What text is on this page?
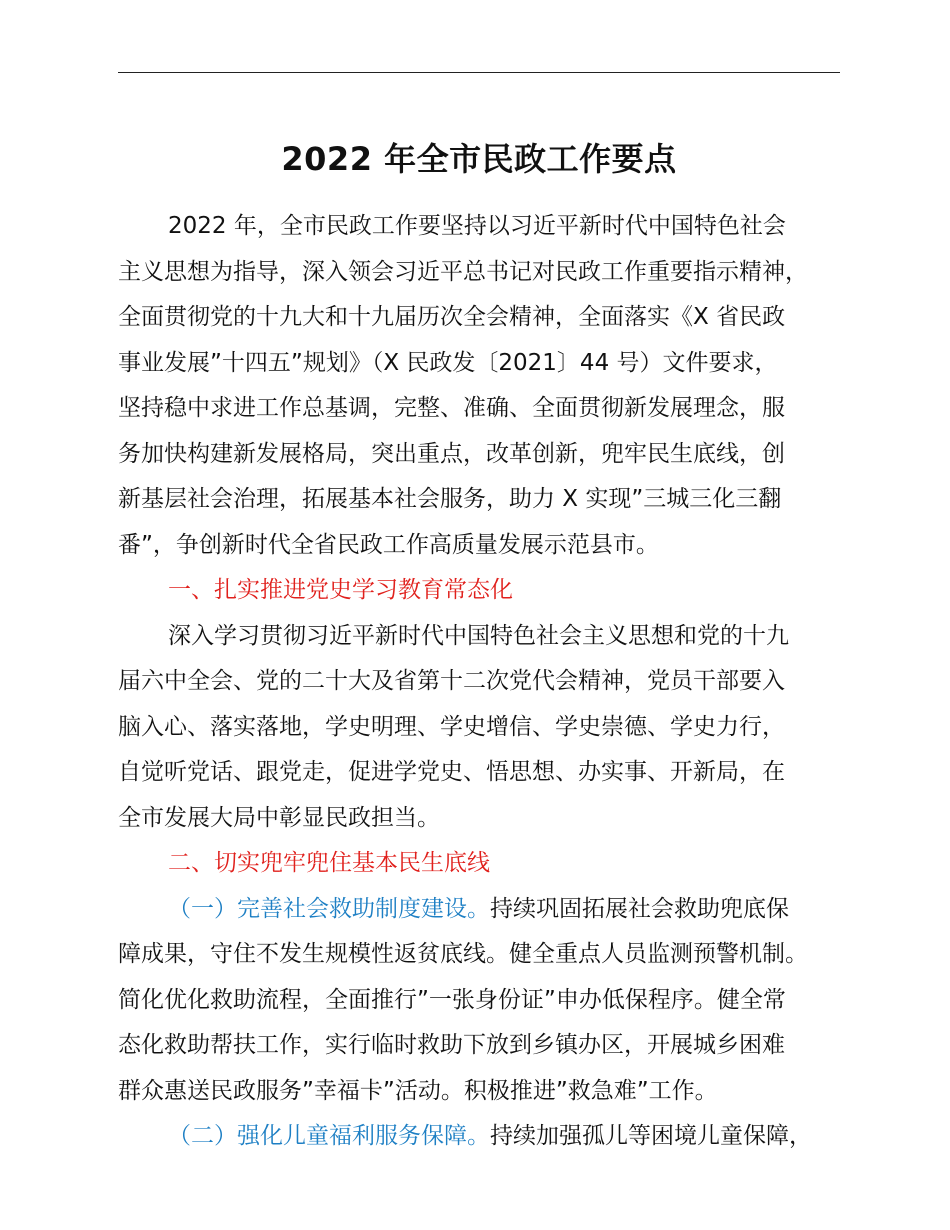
2022 年全市民政工作要点
2022 年，全市民政工作要坚持以习近平新时代中国特色社会
主义思想为指导，深入领会习近平总书记对民政工作重要指示精神，
全面贯彻党的十九大和十九届历次全会精神，全面落实《X 省民政
事业发展”十四五”规划》（X 民政发〔2021〕44 号）文件要求，
坚持稳中求进工作总基调，完整、准确、全面贯彻新发展理念，服
务加快构建新发展格局，突出重点，改革创新，兜牢民生底线，创
新基层社会治理，拓展基本社会服务，助力 X 实现”三城三化三翻
番”，争创新时代全省民政工作高质量发展示范县市。
一、扎实推进党史学习教育常态化
深入学习贯彻习近平新时代中国特色社会主义思想和党的十九
届六中全会、党的二十大及省第十二次党代会精神，党员干部要入
脑入心、落实落地，学史明理、学史增信、学史崇德、学史力行，
自觉听党话、跟党走，促进学党史、悟思想、办实事、开新局，在
全市发展大局中彰显民政担当。
二、切实兜牢兜住基本民生底线
（一）完善社会救助制度建设。持续巩固拓展社会救助兜底保
障成果，守住不发生规模性返贫底线。健全重点人员监测预警机制。
简化优化救助流程，全面推行”一张身份证”申办低保程序。健全常
态化救助帮扶工作，实行临时救助下放到乡镇办区，开展城乡困难
群众惠送民政服务”幸福卡”活动。积极推进”救急难”工作。
（二）强化儿童福利服务保障。持续加强孤儿等困境儿童保障，
